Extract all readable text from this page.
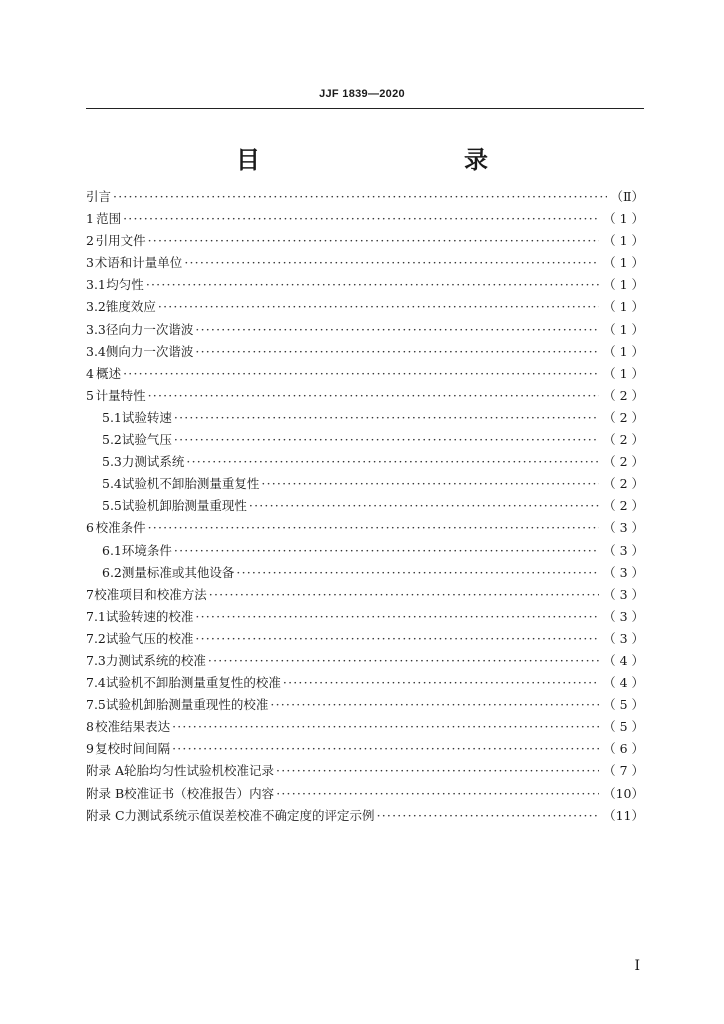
JJF 1839—2020
目　　录
引言 ·····	（Ⅱ）
1 范围 ·····	（ 1 ）
2 引用文件 ·····	（ 1 ）
3 术语和计量单位 ·····	（ 1 ）
3.1 均匀性 ·····	（ 1 ）
3.2 锥度效应 ·····	（ 1 ）
3.3 径向力一次谐波 ·····	（ 1 ）
3.4 侧向力一次谐波 ·····	（ 1 ）
4 概述 ·····	（ 1 ）
5 计量特性 ·····	（ 2 ）
5.1 试验转速 ·····	（ 2 ）
5.2 试验气压 ·····	（ 2 ）
5.3 力测试系统 ·····	（ 2 ）
5.4 试验机不卸胎测量重复性 ·····	（ 2 ）
5.5 试验机卸胎测量重现性 ·····	（ 2 ）
6 校准条件 ·····	（ 3 ）
6.1 环境条件 ·····	（ 3 ）
6.2 测量标准或其他设备 ·····	（ 3 ）
7 校准项目和校准方法 ·····	（ 3 ）
7.1 试验转速的校准 ·····	（ 3 ）
7.2 试验气压的校准 ·····	（ 3 ）
7.3 力测试系统的校准 ·····	（ 4 ）
7.4 试验机不卸胎测量重复性的校准 ·····	（ 4 ）
7.5 试验机卸胎测量重现性的校准 ·····	（ 5 ）
8 校准结果表达 ·····	（ 5 ）
9 复校时间间隔 ·····	（ 6 ）
附录 A 轮胎均匀性试验机校准记录 ·····	（ 7 ）
附录 B 校准证书（校准报告）内容 ·····	（10）
附录 C 力测试系统示值误差校准不确定度的评定示例 ·····	（11）
I
